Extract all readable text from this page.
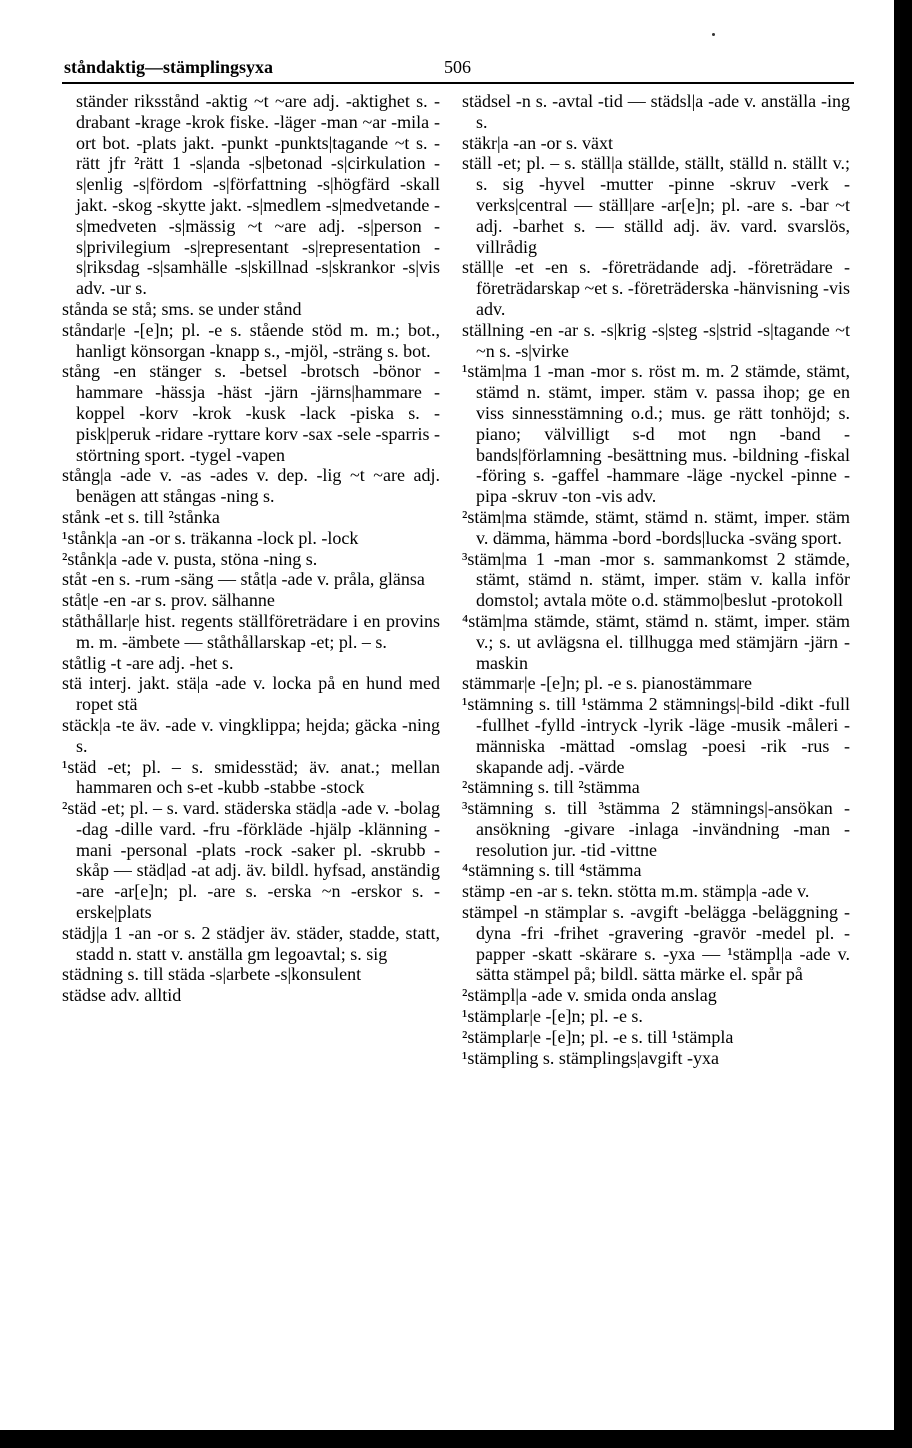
ståndaktig—stämplingsyxa	506

ständer riksstånd -aktig ~t ~are adj. -aktighet s. -drabant -krage -krok fiske. -läger -man ~ar -mila -ort bot. -plats jakt. -punkt -punkts|tagande ~t s. -rätt jfr ²rätt 1 -s|anda -s|betonad -s|cirkulation -s|enlig -s|fördom -s|författning -s|högfärd -skall jakt. -skog -skytte jakt. -s|medlem -s|medvetande -s|medveten -s|mässig ~t ~are adj. -s|person -s|privilegium -s|representant -s|representation -s|riksdag -s|samhälle -s|skillnad -s|skrankor -s|vis adv. -ur s.

stånda se stå; sms. se under stånd

ståndar|e -[e]n; pl. -e s. stående stöd m. m.; bot., hanligt könsorgan -knapp s., -mjöl, -sträng s. bot.

stång -en stänger s. -betsel -brotsch -bönor -hammare -hässja -häst -järn -järns|hammare -koppel -korv -krok -kusk -lack -piska s. -pisk|peruk -ridare -ryttare korv -sax -sele -sparris -störtning sport. -tygel -vapen

stång|a -ade v. -as -ades v. dep. -lig ~t ~are adj. benägen att stångas -ning s.

stånk -et s. till ²stånka

¹stånk|a -an -or s. träkanna -lock pl. -lock

²stånk|a -ade v. pusta, stöna -ning s.

ståt -en s. -rum -säng — ståt|a -ade v. pråla, glänsa

ståt|e -en -ar s. prov. sälhanne

ståthållar|e hist. regents ställföreträdare i en provins m. m. -ämbete — ståthållarskap -et; pl. – s.

ståtlig -t -are adj. -het s.

stä interj. jakt. stä|a -ade v. locka på en hund med ropet stä

stäck|a -te äv. -ade v. vingklippa; hejda; gäcka -ning s.

¹städ -et; pl. – s. smidesstäd; äv. anat.; mellan hammaren och s-et -kubb -stabbe -stock

²städ -et; pl. – s. vard. städerska städ|a -ade v. -bolag -dag -dille vard. -fru -förkläde -hjälp -klänning -mani -personal -plats -rock -saker pl. -skrubb -skåp — städ|ad -at adj. äv. bildl. hyfsad, anständig -are -ar[e]n; pl. -are s. -erska ~n -erskor s. -erske|plats

städj|a 1 -an -or s. 2 städjer äv. städer, stadde, statt, stadd n. statt v. anställa gm legoavtal; s. sig

städning s. till städa -s|arbete -s|konsulent

städse adv. alltid

städsel -n s. -avtal -tid — städsl|a -ade v. anställa -ing s.

stäkr|a -an -or s. växt

ställ -et; pl. – s. ställ|a ställde, ställt, ställd n. ställt v.; s. sig -hyvel -mutter -pinne -skruv -verk -verks|central — ställ|are -ar[e]n; pl. -are s. -bar ~t adj. -barhet s. — ställd adj. äv. vard. svarslös, villrådig

ställ|e -et -en s. -företrädande adj. -företrädare -företrädarskap ~et s. -företräderska -hänvisning -vis adv.

ställning -en -ar s. -s|krig -s|steg -s|strid -s|tagande ~t ~n s. -s|virke

¹stäm|ma 1 -man -mor s. röst m. m. 2 stämde, stämt, stämd n. stämt, imper. stäm v. passa ihop; ge en viss sinnesstämning o.d.; mus. ge rätt tonhöjd; s. piano; välvilligt s-d mot ngn -band -bands|förlamning -besättning mus. -bildning -fiskal -föring s. -gaffel -hammare -läge -nyckel -pinne -pipa -skruv -ton -vis adv.

²stäm|ma stämde, stämt, stämd n. stämt, imper. stäm v. dämma, hämma -bord -bords|lucka -sväng sport.

³stäm|ma 1 -man -mor s. sammankomst 2 stämde, stämt, stämd n. stämt, imper. stäm v. kalla inför domstol; avtala möte o.d. stämmo|beslut -protokoll

⁴stäm|ma stämde, stämt, stämd n. stämt, imper. stäm v.; s. ut avlägsna el. tillhugga med stämjärn -järn -maskin

stämmar|e -[e]n; pl. -e s. pianostämmare

¹stämning s. till ¹stämma 2 stämnings|-bild -dikt -full -fullhet -fylld -intryck -lyrik -läge -musik -måleri -människa -mättad -omslag -poesi -rik -rus -skapande adj. -värde

²stämning s. till ²stämma

³stämning s. till ³stämma 2 stämnings|-ansökan -ansökning -givare -inlaga -invändning -man -resolution jur. -tid -vittne

⁴stämning s. till ⁴stämma

stämp -en -ar s. tekn. stötta m.m. stämp|a -ade v.

stämpel -n stämplar s. -avgift -belägga -beläggning -dyna -fri -frihet -gravering -gravör -medel pl. -papper -skatt -skärare s. -yxa — ¹stämpl|a -ade v. sätta stämpel på; bildl. sätta märke el. spår på

²stämpl|a -ade v. smida onda anslag

¹stämplar|e -[e]n; pl. -e s.

²stämplar|e -[e]n; pl. -e s. till ¹stämpla

¹stämpling s. stämplings|avgift -yxa
